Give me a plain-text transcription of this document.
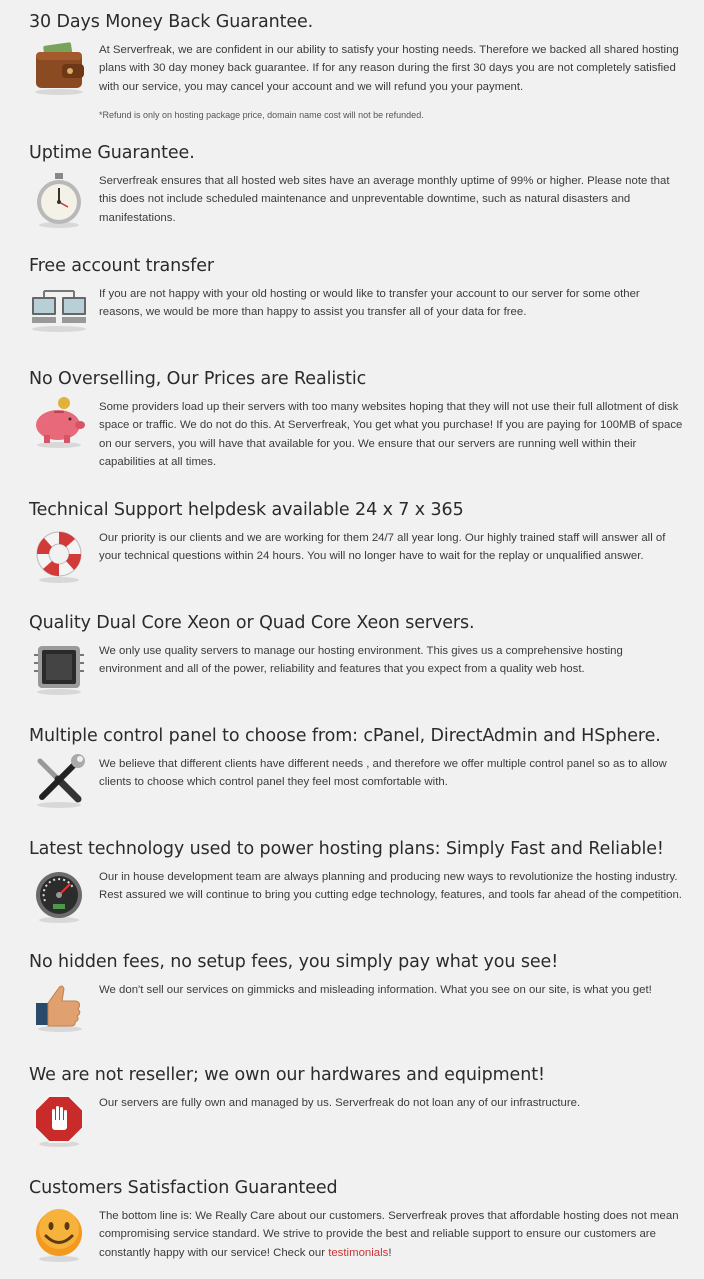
30 Days Money Back Guarantee.

At Serverfreak, we are confident in our ability to satisfy your hosting needs. Therefore we backed all shared hosting plans with 30 day money back guarantee. If for any reason during the first 30 days you are not completely satisfied with our service, you may cancel your account and we will refund you your payment.

*Refund is only on hosting package price, domain name cost will not be refunded.
Uptime Guarantee.

Serverfreak ensures that all hosted web sites have an average monthly uptime of 99% or higher. Please note that this does not include scheduled maintenance and unpreventable downtime, such as natural disasters and manifestations.

Free account transfer

If you are not happy with your old hosting or would like to transfer your account to our server for some other reasons, we would be more than happy to assist you transfer all of your data for free.

No Overselling, Our Prices are Realistic

Some providers load up their servers with too many websites hoping that they will not use their full allotment of disk space or traffic. We do not do this. At Serverfreak, You get what you purchase! If you are paying for 100MB of space on our servers, you will have that available for you. We ensure that our servers are running well within their capabilities at all times.

Technical Support helpdesk available 24 x 7 x 365

Our priority is our clients and we are working for them 24/7 all year long. Our highly trained staff will answer all of your technical questions within 24 hours. You will no longer have to wait for the replay or unqualified answer.

Quality Dual Core Xeon or Quad Core Xeon servers.

We only use quality servers to manage our hosting environment. This gives us a comprehensive hosting environment and all of the power, reliability and features that you expect from a quality web host.

Multiple control panel to choose from: cPanel, DirectAdmin and HSphere.

We believe that different clients have different needs , and therefore we offer multiple control panel so as to allow clients to choose which control panel they feel most comfortable with.

Latest technology used to power hosting plans: Simply Fast and Reliable!

Our in house development team are always planning and producing new ways to revolutionize the hosting industry. Rest assured we will continue to bring you cutting edge technology, features, and tools far ahead of the competition.

No hidden fees, no setup fees, you simply pay what you see!

We don't sell our services on gimmicks and misleading information. What you see on our site, is what you get!

We are not reseller; we own our hardwares and equipment!

Our servers are fully own and managed by us. Serverfreak do not loan any of our infrastructure.

Customers Satisfaction Guaranteed

The bottom line is: We Really Care about our customers. Serverfreak proves that affordable hosting does not mean compromising service standard. We strive to provide the best and reliable support to ensure our customers are constantly happy with our service! Check our testimonials!
